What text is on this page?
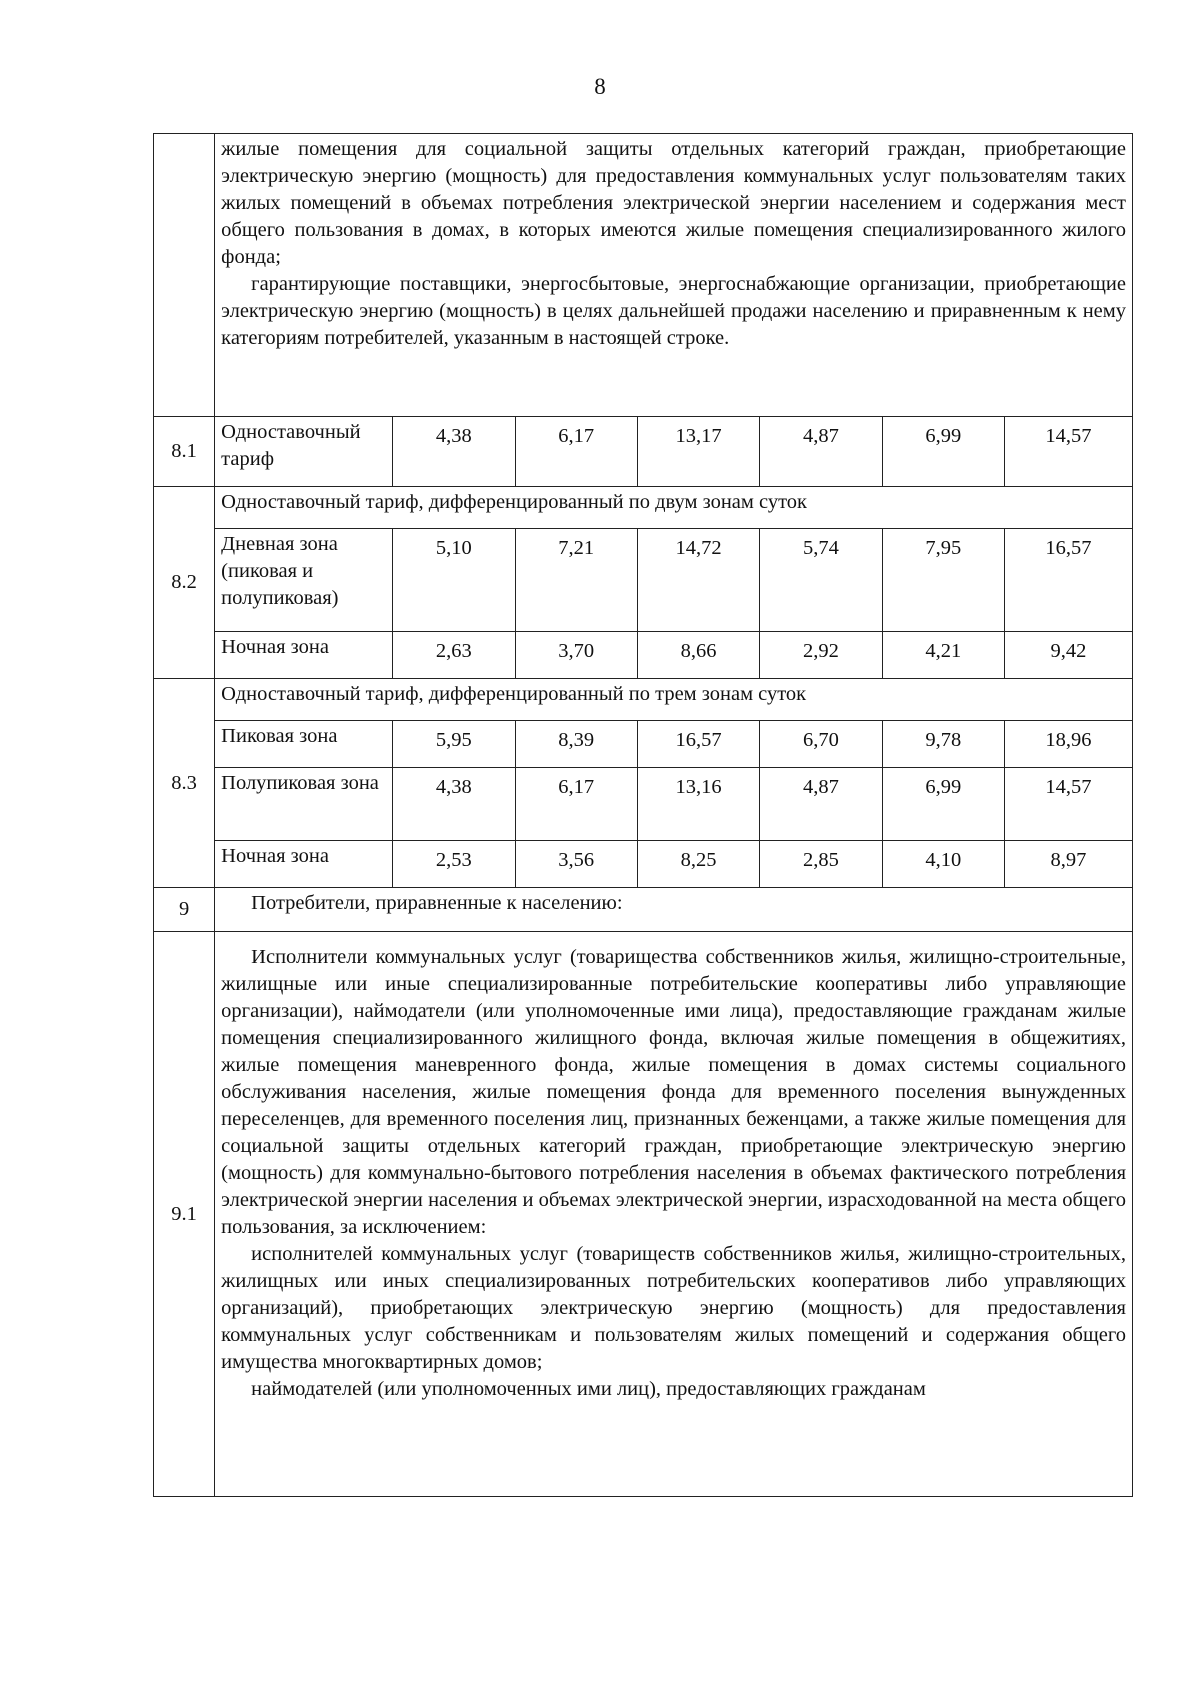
8

	жилые помещения для социальной защиты отдельных категорий граждан, приобретающие электрическую энергию (мощность) для предоставления коммунальных услуг пользователям таких жилых помещений в объемах потребления электрической энергии населением и содержания мест общего пользования в домах, в которых имеются жилые помещения специализированного жилого фонда;

гарантирующие поставщики, энергосбытовые, энергоснабжающие организации, приобретающие электрическую энергию (мощность) в целях дальнейшей продажи населению и приравненным к нему категориям потребителей, указанным в настоящей строке.						

8.1	Одноставочный тариф	4,38	6,17	13,17	4,87	6,99	14,57
8.2	Одноставочный тариф, дифференцированный по двум зонам суток						
	Дневная зона (пиковая и полупиковая)	5,10	7,21	14,72	5,74	7,95	16,57
	Ночная зона	2,63	3,70	8,66	2,92	4,21	9,42
8.3	Одноставочный тариф, дифференцированный по трем зонам суток						
	Пиковая зона	5,95	8,39	16,57	6,70	9,78	18,96
	Полупиковая зона	4,38	6,17	13,16	4,87	6,99	14,57
	Ночная зона	2,53	3,56	8,25	2,85	4,10	8,97
9	Потребители, приравненные к населению:						
9.1	Исполнители коммунальных услуг (товарищества собственников жилья, жилищно-строительные, жилищные или иные специализированные потребительские кооперативы либо управляющие организации), наймодатели (или уполномоченные ими лица), предоставляющие гражданам жилые помещения специализированного жилищного фонда, включая жилые помещения в общежитиях, жилые помещения маневренного фонда, жилые помещения в домах системы социального обслуживания населения, жилые помещения фонда для временного поселения вынужденных переселенцев, для временного поселения лиц, признанных беженцами, а также жилые помещения для социальной защиты отдельных категорий граждан, приобретающие электрическую энергию (мощность) для коммунально-бытового потребления населения в объемах фактического потребления электрической энергии населения и объемах электрической энергии, израсходованной на места общего пользования, за исключением:

исполнителей коммунальных услуг (товариществ собственников жилья, жилищно-строительных, жилищных или иных специализированных потребительских кооперативов либо управляющих организаций), приобретающих электрическую энергию (мощность) для предоставления коммунальных услуг собственникам и пользователям жилых помещений и содержания общего имущества многоквартирных домов;

наймодателей (или уполномоченных ими лиц), предоставляющих гражданам						
